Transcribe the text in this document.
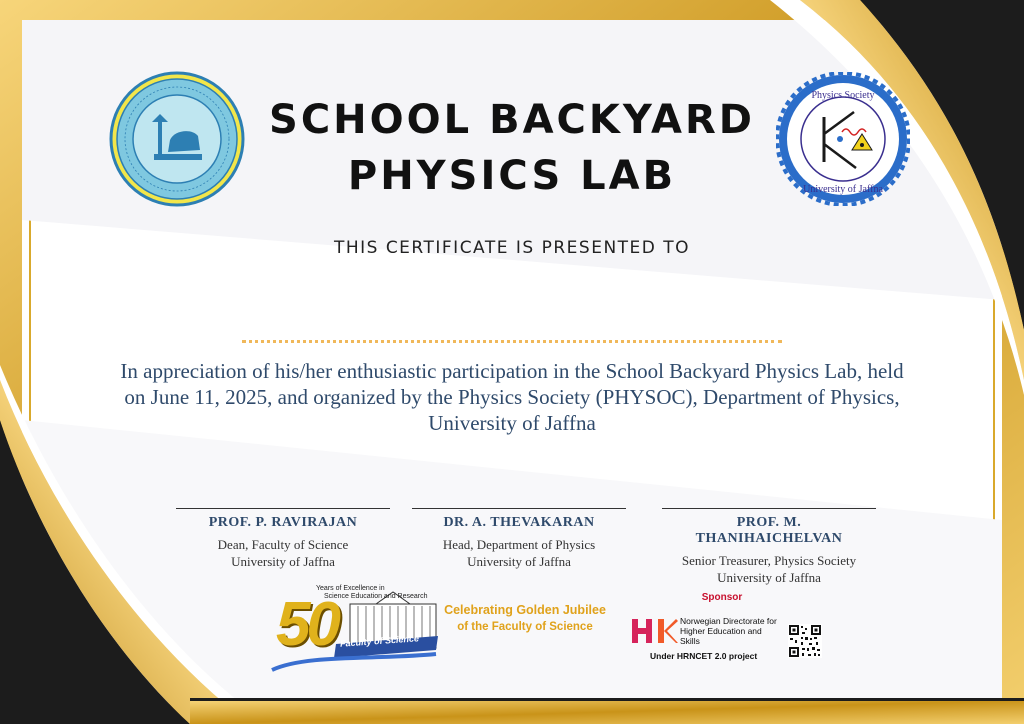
Physics Society
University of Jaffna
SCHOOL BACKYARD PHYSICS LAB
THIS CERTIFICATE IS PRESENTED TO
In appreciation of his/her enthusiastic participation in the School Backyard Physics Lab, held on June 11, 2025, and organized by the Physics Society (PHYSOC), Department of Physics, University of Jaffna
PROF. P. RAVIRAJAN
Dean, Faculty of Science
University of Jaffna
DR. A. THEVAKARAN
Head, Department of Physics
University of Jaffna
PROF. M. THANIHAICHELVAN
Senior Treasurer, Physics Society
University of Jaffna
Years of Excellence in
Science Education and Research
50 Faculty of Science
Celebrating Golden Jubilee
of the Faculty of Science
Sponsor
Norwegian Directorate for Higher Education and Skills
Under HRNCET 2.0 project
